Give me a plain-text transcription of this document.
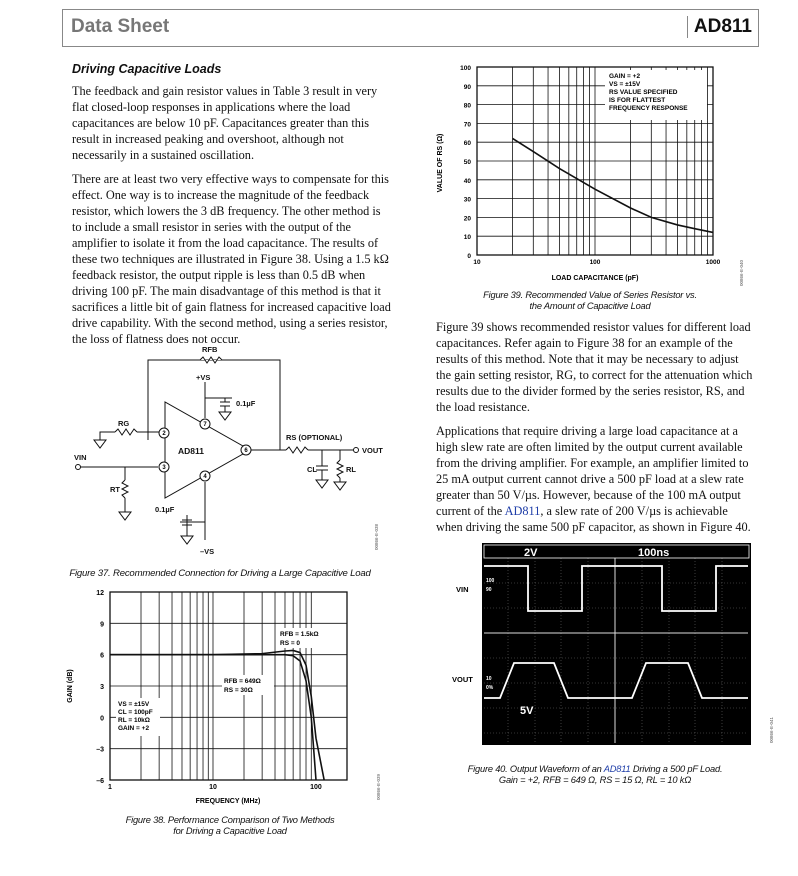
Data Sheet	AD811
Driving Capacitive Loads

The feedback and gain resistor values in Table 3 result in very flat closed-loop responses in applications where the load capacitances are below 10 pF. Capacitances greater than this result in increased peaking and overshoot, although not necessarily in a sustained oscillation.

There are at least two very effective ways to compensate for this effect. One way is to increase the magnitude of the feedback resistor, which lowers the 3 dB frequency. The other method is to include a small resistor in series with the output of the amplifier to isolate it from the load capacitance. The results of these two techniques are illustrated in Figure 38. Using a 1.5 kΩ feedback resistor, the output ripple is less than 0.5 dB when driving 100 pF. The main disadvantage of this method is that it sacrifices a little bit of gain flatness for increased capacitive load drive capability. With the second method, using a series resistor, the loss of flatness does not occur.

2
3
7
4
6
RFB
+VS
0.1µF
RG
AD811
RS (OPTIONAL)
VOUT
VIN
CL	RL
RT
0.1µF
–VS
00866-E-038
Figure 37. Recommended Connection for Driving a Large Capacitive Load
12
9
6
3
0
–3
–6
1	10	100
GAIN (dB)
FREQUENCY (MHz)
RFB = 1.5kΩ
RS = 0
RFB = 649Ω
RS = 30Ω
VS = ±15V
CL = 100pF
RL = 10kΩ
GAIN = +2
00866-E-039
Figure 38. Performance Comparison of Two Methods
for Driving a Capacitive Load
100
90
80
70
60
50
40
30
20
10
0
10	100	1000
VALUE OF RS (Ω)
LOAD CAPACITANCE (pF)
GAIN = +2
VS = ±15V
RS VALUE SPECIFIED
IS FOR FLATTEST
FREQUENCY RESPONSE
00866-E-040
Figure 39. Recommended Value of Series Resistor vs.
the Amount of Capacitive Load

Figure 39 shows recommended resistor values for different load capacitances. Refer again to Figure 38 for an example of the results of this method. Note that it may be necessary to adjust the gain setting resistor, RG, to correct for the attenuation which results due to the divider formed by the series resistor, RS, and the load resistance.

Applications that require driving a large load capacitance at a high slew rate are often limited by the output current available from the driving amplifier. For example, an amplifier limited to 25 mA output current cannot drive a 500 pF load at a slew rate greater than 50 V/µs. However, because of the 100 mA output current of the AD811, a slew rate of 200 V/µs is achievable when driving the same 500 pF capacitor, as shown in Figure 40.

2V	100ns
5V
100
90
10
0%
VIN
VOUT
00866-E-041
Figure 40. Output Waveform of an AD811 Driving a 500 pF Load.
Gain = +2, RFB = 649 Ω, RS = 15 Ω, RL = 10 kΩ
